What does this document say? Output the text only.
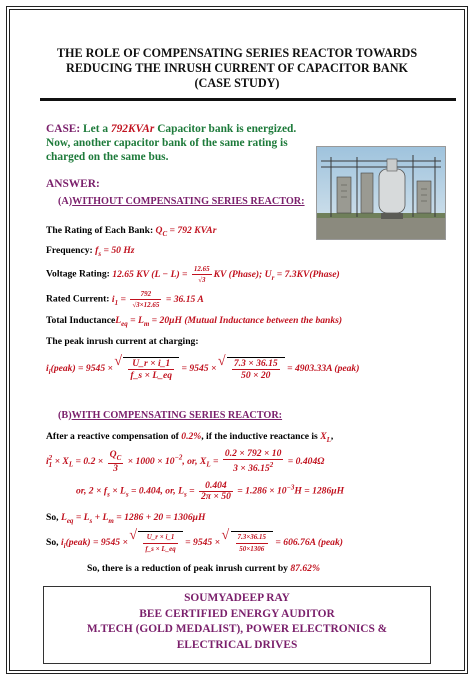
THE ROLE OF COMPENSATING SERIES REACTOR TOWARDS
REDUCING THE INRUSH CURRENT OF CAPACITOR BANK
(CASE STUDY)
CASE: Let a 792KVAr Capacitor bank is energized. Now, another capacitor bank of the same rating is charged on the same bus.
ANSWER:
(A)WITHOUT COMPENSATING SERIES REACTOR:
The Rating of Each Bank: $Q_C = 792$ KVAr
Frequency: $f_s = 50$ Hz
Voltage Rating: 12.65 KV $(L - L) = \frac{12.65}{√3}$ KV (Phase); $U_r$ = 7.3KV(Phase)
Rated Current: $i_1 = \frac{792}{√3\times 12.65} = 36.15$ A
Total InductanceL$_{eq}$ = $L_m = 20\mu H$ (Mutual Inductance between the banks)
The peak inrush current at charging:
$i_i(peak) = 9545$ × √ $\frac{U\_r \times i\_1}{f\_s \times L\_eq} = 9545$ × √ $\frac{7.3 \times 36.15}{50 \times 20} = 4903.33A$ (peak)
(B)WITH COMPENSATING SERIES REACTOR:
After a reactive compensation of 0.2%, if the inductive reactance is $X_L$,
i 2
$1 \times X_L = 0.2 \times \frac{Q_C}{3} \times 1000 \times 10^{-2}$, or, $X_L = \frac{0.2 \times 792 \times 10}{3 \times 36.15^2} = 0.404\Omega$
or, $2 \times f_s \times L_s = 0.404$, or, $L_s = \frac{0.404}{2\pi \times 50} = 1.286 \times 10^{-3}H = 1286\mu H$
So, $L_{eq} = L_s + L_m = 1286 + 20 = 1306\mu H$
So, $i_i(peak) = 9545$ × √ $\frac{U\_r \times i\_1}{f\_s \times L\_eq} = 9545$ × √ $\frac{7.3\times 36.15}{50\times 1306} = 606.76A$ (peak)
So, there is a reduction of peak inrush current by 87.62%
SOUMYADEEP RAY
BEE CERTIFIED ENERGY AUDITOR
M.TECH (GOLD MEDALIST), POWER ELECTRONICS &
ELECTRICAL DRIVES
